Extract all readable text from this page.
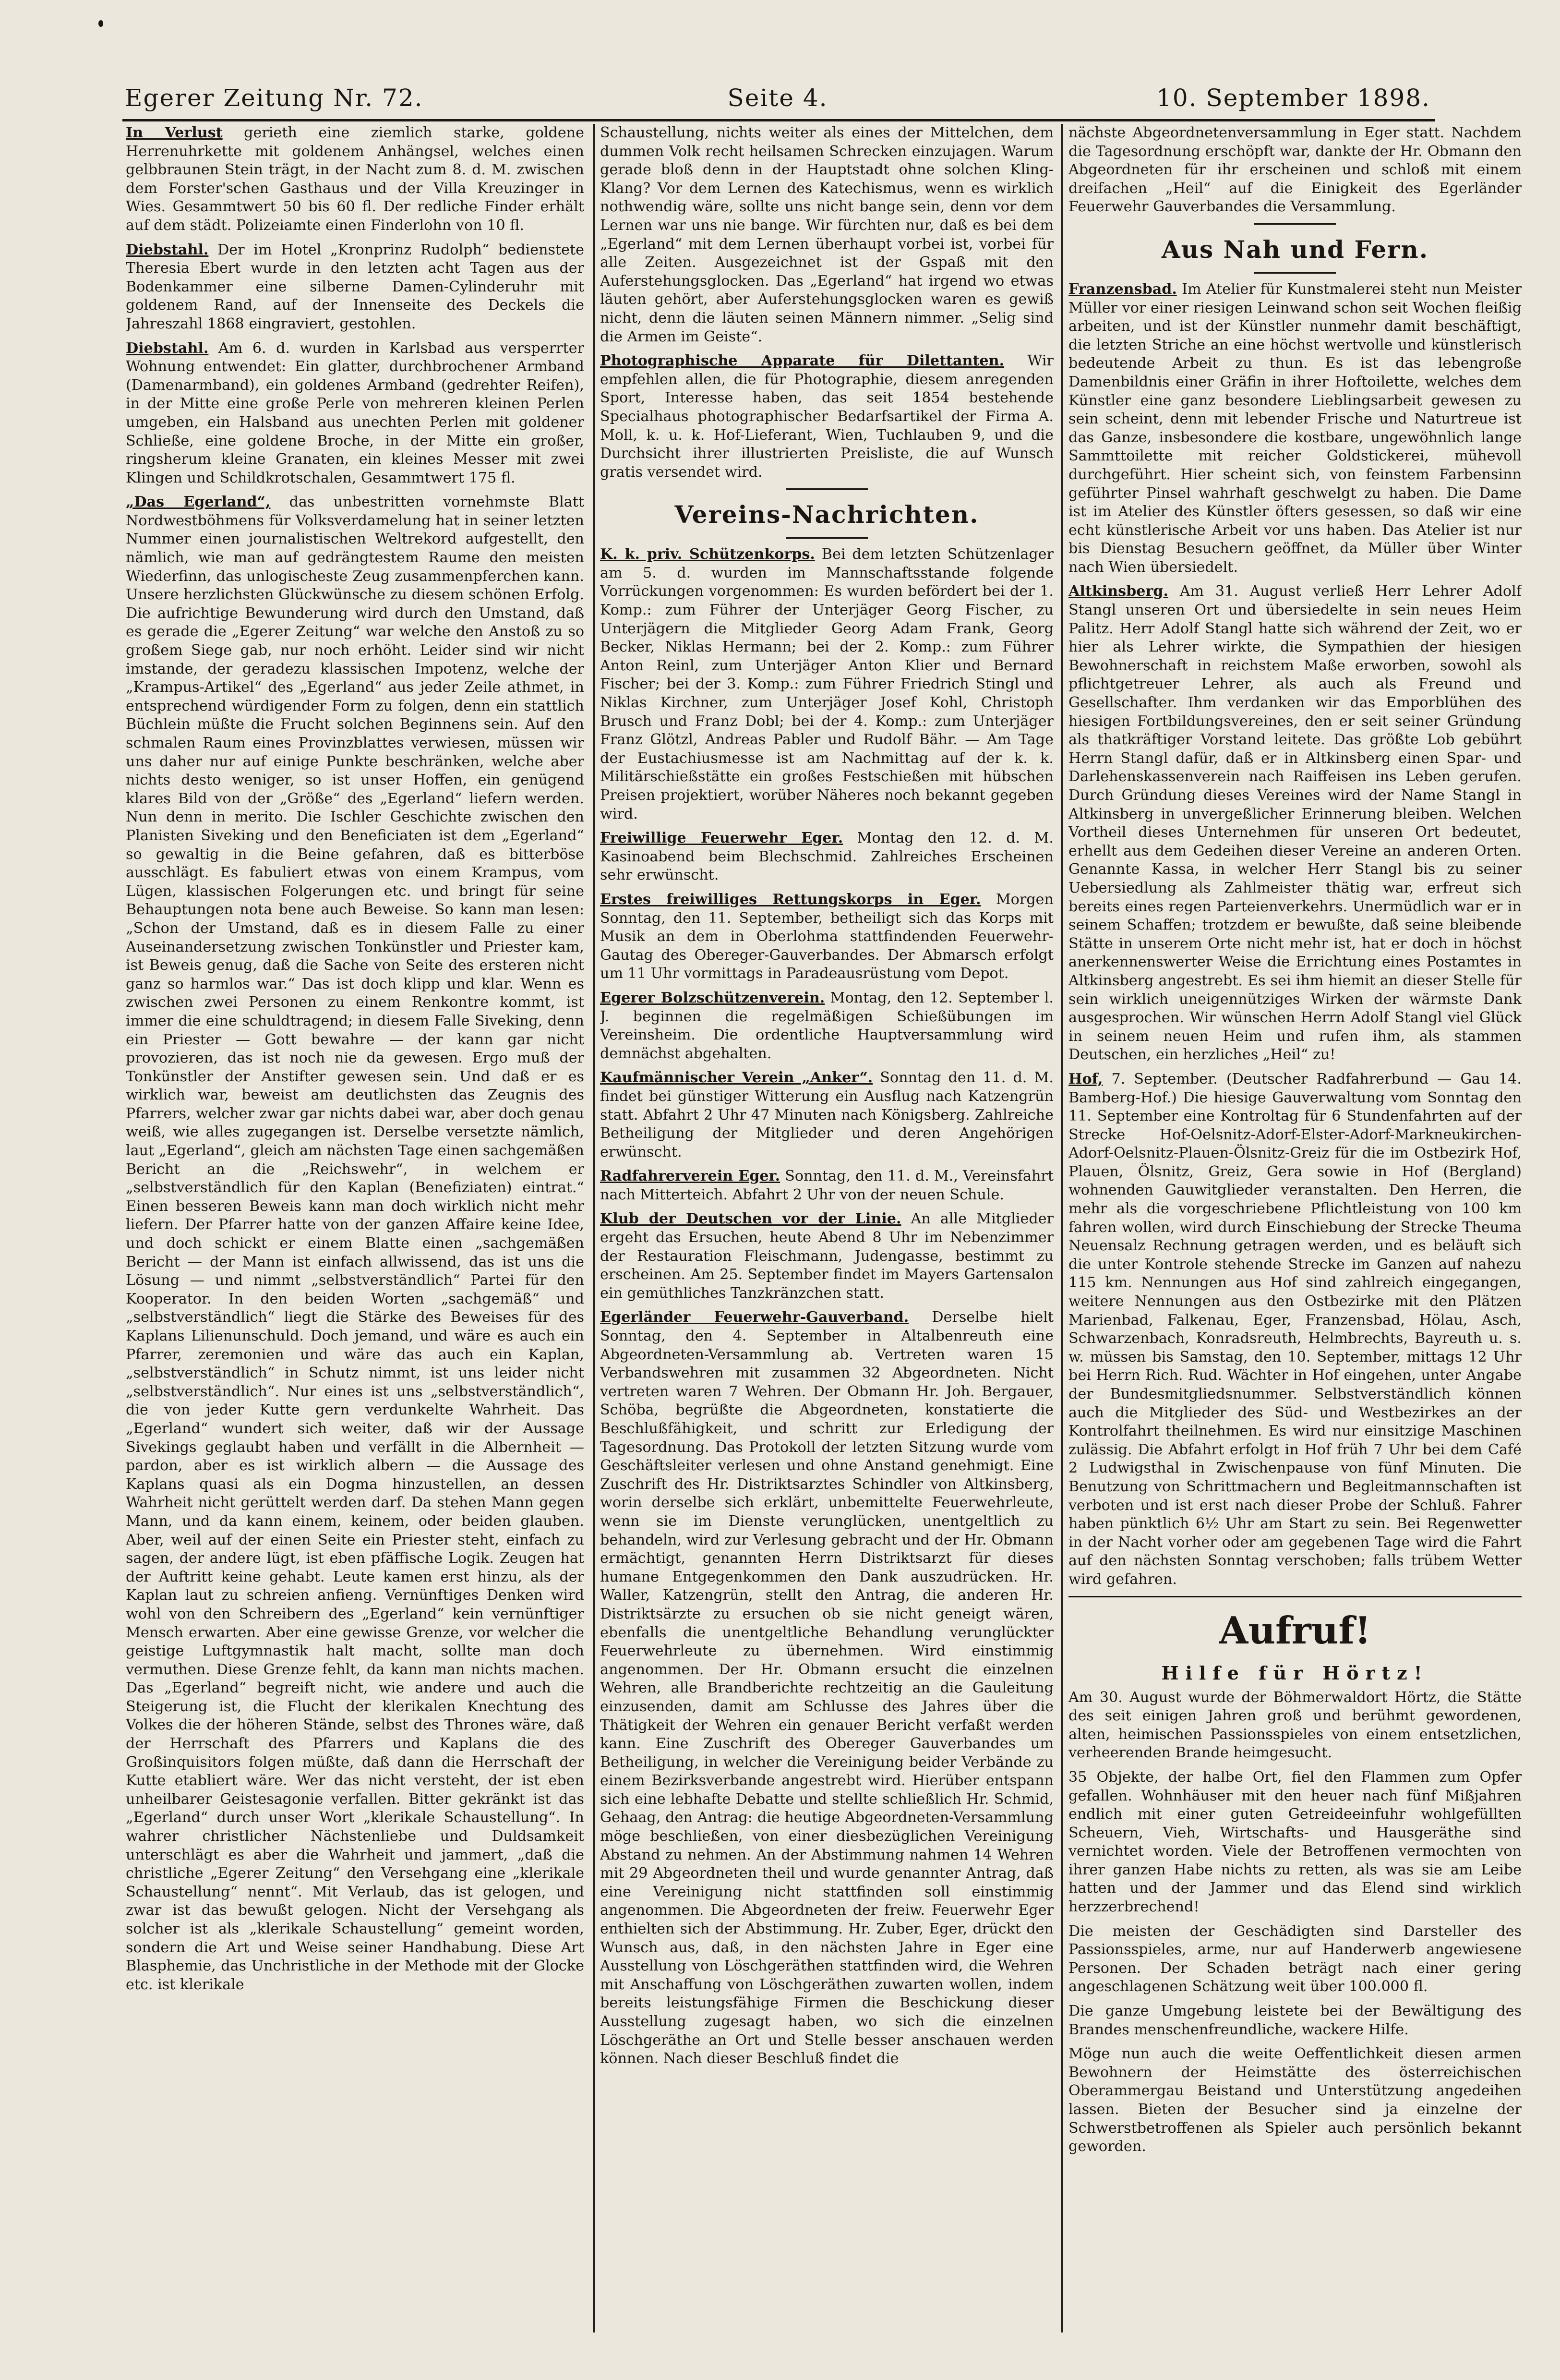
Egerer Zeitung Nr. 72.	Seite 4.	10. September 1898.

In Verlust gerieth eine ziemlich starke, goldene Herrenuhrkette mit goldenem Anhängsel, welches einen gelbbraunen Stein trägt, in der Nacht zum 8. d. M. zwischen dem Forster'schen Gasthaus und der Villa Kreuzinger in Wies. Gesammtwert 50 bis 60 fl. Der redliche Finder erhält auf dem städt. Polizeiamte einen Finderlohn von 10 fl.

Diebstahl. Der im Hotel „Kronprinz Rudolph“ bedienstete Theresia Ebert wurde in den letzten acht Tagen aus der Bodenkammer eine silberne Damen-Cylinderuhr mit goldenem Rand, auf der Innenseite des Deckels die Jahreszahl 1868 eingraviert, gestohlen.

Diebstahl. Am 6. d. wurden in Karlsbad aus versperrter Wohnung entwendet: Ein glatter, durchbrochener Armband (Damenarmband), ein goldenes Armband (gedrehter Reifen), in der Mitte eine große Perle von mehreren kleinen Perlen umgeben, ein Halsband aus unechten Perlen mit goldener Schließe, eine goldene Broche, in der Mitte ein großer, ringsherum kleine Granaten, ein kleines Messer mit zwei Klingen und Schildkrotschalen, Gesammtwert 175 fl.

„Das Egerland“, das unbestritten vornehmste Blatt Nordwestböhmens für Volksverdamelung hat in seiner letzten Nummer einen journalistischen Weltrekord aufgestellt, den nämlich, wie man auf gedrängtestem Raume den meisten Wiederfinn, das unlogischeste Zeug zusammenpferchen kann. Unsere herzlichsten Glückwünsche zu diesem schönen Erfolg. Die aufrichtige Bewunderung wird durch den Umstand, daß es gerade die „Egerer Zeitung“ war welche den Anstoß zu so großem Siege gab, nur noch erhöht. Leider sind wir nicht imstande, der geradezu klassischen Impotenz, welche der „Krampus-Artikel“ des „Egerland“ aus jeder Zeile athmet, in entsprechend würdigender Form zu folgen, denn ein stattlich Büchlein müßte die Frucht solchen Beginnens sein. Auf den schmalen Raum eines Provinzblattes verwiesen, müssen wir uns daher nur auf einige Punkte beschränken, welche aber nichts desto weniger, so ist unser Hoffen, ein genügend klares Bild von der „Größe“ des „Egerland“ liefern werden. Nun denn in merito. Die Ischler Geschichte zwischen den Planisten Siveking und den Beneficiaten ist dem „Egerland“ so gewaltig in die Beine gefahren, daß es bitterböse ausschlägt. Es fabuliert etwas von einem Krampus, vom Lügen, klassischen Folgerungen etc. und bringt für seine Behauptungen nota bene auch Beweise. So kann man lesen: „Schon der Umstand, daß es in diesem Falle zu einer Auseinandersetzung zwischen Tonkünstler und Priester kam, ist Beweis genug, daß die Sache von Seite des ersteren nicht ganz so harmlos war.“ Das ist doch klipp und klar. Wenn es zwischen zwei Personen zu einem Renkontre kommt, ist immer die eine schuldtragend; in diesem Falle Siveking, denn ein Priester — Gott bewahre — der kann gar nicht provozieren, das ist noch nie da gewesen. Ergo muß der Tonkünstler der Anstifter gewesen sein. Und daß er es wirklich war, beweist am deutlichsten das Zeugnis des Pfarrers, welcher zwar gar nichts dabei war, aber doch genau weiß, wie alles zugegangen ist. Derselbe versetzte nämlich, laut „Egerland“, gleich am nächsten Tage einen sachgemäßen Bericht an die „Reichswehr“, in welchem er „selbstverständlich für den Kaplan (Benefiziaten) eintrat.“ Einen besseren Beweis kann man doch wirklich nicht mehr liefern. Der Pfarrer hatte von der ganzen Affaire keine Idee, und doch schickt er einem Blatte einen „sachgemäßen Bericht — der Mann ist einfach allwissend, das ist uns die Lösung — und nimmt „selbstverständlich“ Partei für den Kooperator. In den beiden Worten „sachgemäß“ und „selbstverständlich“ liegt die Stärke des Beweises für des Kaplans Lilienunschuld. Doch jemand, und wäre es auch ein Pfarrer, zeremonien und wäre das auch ein Kaplan, „selbstverständlich“ in Schutz nimmt, ist uns leider nicht „selbstverständlich“. Nur eines ist uns „selbstverständlich“, die von jeder Kutte gern verdunkelte Wahrheit. Das „Egerland“ wundert sich weiter, daß wir der Aussage Sivekings geglaubt haben und verfällt in die Albernheit — pardon, aber es ist wirklich albern — die Aussage des Kaplans quasi als ein Dogma hinzustellen, an dessen Wahrheit nicht gerüttelt werden darf. Da stehen Mann gegen Mann, und da kann einem, keinem, oder beiden glauben. Aber, weil auf der einen Seite ein Priester steht, einfach zu sagen, der andere lügt, ist eben pfäffische Logik. Zeugen hat der Auftritt keine gehabt. Leute kamen erst hinzu, als der Kaplan laut zu schreien anfieng. Vernünftiges Denken wird wohl von den Schreibern des „Egerland“ kein vernünftiger Mensch erwarten. Aber eine gewisse Grenze, vor welcher die geistige Luftgymnastik halt macht, sollte man doch vermuthen. Diese Grenze fehlt, da kann man nichts machen. Das „Egerland“ begreift nicht, wie andere und auch die Steigerung ist, die Flucht der klerikalen Knechtung des Volkes die der höheren Stände, selbst des Thrones wäre, daß der Herrschaft des Pfarrers und Kaplans die des Großinquisitors folgen müßte, daß dann die Herrschaft der Kutte etabliert wäre. Wer das nicht versteht, der ist eben unheilbarer Geistesagonie verfallen. Bitter gekränkt ist das „Egerland“ durch unser Wort „klerikale Schaustellung“. In wahrer christlicher Nächstenliebe und Duldsamkeit unterschlägt es aber die Wahrheit und jammert, „daß die christliche „Egerer Zeitung“ den Versehgang eine „klerikale Schaustellung“ nennt“. Mit Verlaub, das ist gelogen, und zwar ist das bewußt gelogen. Nicht der Versehgang als solcher ist als „klerikale Schaustellung“ gemeint worden, sondern die Art und Weise seiner Handhabung. Diese Art Blasphemie, das Unchristliche in der Methode mit der Glocke etc. ist klerikale

Schaustellung, nichts weiter als eines der Mittelchen, dem dummen Volk recht heilsamen Schrecken einzujagen. Warum gerade bloß denn in der Hauptstadt ohne solchen Kling-Klang? Vor dem Lernen des Katechismus, wenn es wirklich nothwendig wäre, sollte uns nicht bange sein, denn vor dem Lernen war uns nie bange. Wir fürchten nur, daß es bei dem „Egerland“ mit dem Lernen überhaupt vorbei ist, vorbei für alle Zeiten. Ausgezeichnet ist der Gspaß mit den Auferstehungsglocken. Das „Egerland“ hat irgend wo etwas läuten gehört, aber Auferstehungsglocken waren es gewiß nicht, denn die läuten seinen Männern nimmer. „Selig sind die Armen im Geiste“.

Photographische Apparate für Dilettanten. Wir empfehlen allen, die für Photographie, diesem anregenden Sport, Interesse haben, das seit 1854 bestehende Specialhaus photographischer Bedarfsartikel der Firma A. Moll, k. u. k. Hof-Lieferant, Wien, Tuchlauben 9, und die Durchsicht ihrer illustrierten Preisliste, die auf Wunsch gratis versendet wird.

Vereins-Nachrichten.

K. k. priv. Schützenkorps. Bei dem letzten Schützenlager am 5. d. wurden im Mannschaftsstande folgende Vorrückungen vorgenommen: Es wurden befördert bei der 1. Komp.: zum Führer der Unterjäger Georg Fischer, zu Unterjägern die Mitglieder Georg Adam Frank, Georg Becker, Niklas Hermann; bei der 2. Komp.: zum Führer Anton Reinl, zum Unterjäger Anton Klier und Bernard Fischer; bei der 3. Komp.: zum Führer Friedrich Stingl und Niklas Kirchner, zum Unterjäger Josef Kohl, Christoph Brusch und Franz Dobl; bei der 4. Komp.: zum Unterjäger Franz Glötzl, Andreas Pabler und Rudolf Bähr. — Am Tage der Eustachiusmesse ist am Nachmittag auf der k. k. Militärschießstätte ein großes Festschießen mit hübschen Preisen projektiert, worüber Näheres noch bekannt gegeben wird.

Freiwillige Feuerwehr Eger. Montag den 12. d. M. Kasinoabend beim Blechschmid. Zahlreiches Erscheinen sehr erwünscht.

Erstes freiwilliges Rettungskorps in Eger. Morgen Sonntag, den 11. September, betheiligt sich das Korps mit Musik an dem in Oberlohma stattfindenden Feuerwehr-Gautag des Obereger-Gauverbandes. Der Abmarsch erfolgt um 11 Uhr vormittags in Paradeausrüstung vom Depot.

Egerer Bolzschützenverein. Montag, den 12. September l. J. beginnen die regelmäßigen Schießübungen im Vereinsheim. Die ordentliche Hauptversammlung wird demnächst abgehalten.

Kaufmännischer Verein „Anker“. Sonntag den 11. d. M. findet bei günstiger Witterung ein Ausflug nach Katzengrün statt. Abfahrt 2 Uhr 47 Minuten nach Königsberg. Zahlreiche Betheiligung der Mitglieder und deren Angehörigen erwünscht.

Radfahrerverein Eger. Sonntag, den 11. d. M., Vereinsfahrt nach Mitterteich. Abfahrt 2 Uhr von der neuen Schule.

Klub der Deutschen vor der Linie. An alle Mitglieder ergeht das Ersuchen, heute Abend 8 Uhr im Nebenzimmer der Restauration Fleischmann, Judengasse, bestimmt zu erscheinen. Am 25. September findet im Mayers Gartensalon ein gemüthliches Tanzkränzchen statt.

Egerländer Feuerwehr-Gauverband. Derselbe hielt Sonntag, den 4. September in Altalbenreuth eine Abgeordneten-Versammlung ab. Vertreten waren 15 Verbandswehren mit zusammen 32 Abgeordneten. Nicht vertreten waren 7 Wehren. Der Obmann Hr. Joh. Bergauer, Schöba, begrüßte die Abgeordneten, konstatierte die Beschlußfähigkeit, und schritt zur Erledigung der Tagesordnung. Das Protokoll der letzten Sitzung wurde vom Geschäftsleiter verlesen und ohne Anstand genehmigt. Eine Zuschrift des Hr. Distriktsarztes Schindler von Altkinsberg, worin derselbe sich erklärt, unbemittelte Feuerwehrleute, wenn sie im Dienste verunglücken, unentgeltlich zu behandeln, wird zur Verlesung gebracht und der Hr. Obmann ermächtigt, genannten Herrn Distriktsarzt für dieses humane Entgegenkommen den Dank auszudrücken. Hr. Waller, Katzengrün, stellt den Antrag, die anderen Hr. Distriktsärzte zu ersuchen ob sie nicht geneigt wären, ebenfalls die unentgeltliche Behandlung verunglückter Feuerwehrleute zu übernehmen. Wird einstimmig angenommen. Der Hr. Obmann ersucht die einzelnen Wehren, alle Brandberichte rechtzeitig an die Gauleitung einzusenden, damit am Schlusse des Jahres über die Thätigkeit der Wehren ein genauer Bericht verfaßt werden kann. Eine Zuschrift des Obereger Gauverbandes um Betheiligung, in welcher die Vereinigung beider Verbände zu einem Bezirksverbande angestrebt wird. Hierüber entspann sich eine lebhafte Debatte und stellte schließlich Hr. Schmid, Gehaag, den Antrag: die heutige Abgeordneten-Versammlung möge beschließen, von einer diesbezüglichen Vereinigung Abstand zu nehmen. An der Abstimmung nahmen 14 Wehren mit 29 Abgeordneten theil und wurde genannter Antrag, daß eine Vereinigung nicht stattfinden soll einstimmig angenommen. Die Abgeordneten der freiw. Feuerwehr Eger enthielten sich der Abstimmung. Hr. Zuber, Eger, drückt den Wunsch aus, daß, in den nächsten Jahre in Eger eine Ausstellung von Löschgeräthen stattfinden wird, die Wehren mit Anschaffung von Löschgeräthen zuwarten wollen, indem bereits leistungsfähige Firmen die Beschickung dieser Ausstellung zugesagt haben, wo sich die einzelnen Löschgeräthe an Ort und Stelle besser anschauen werden können. Nach dieser Beschluß findet die

nächste Abgeordnetenversammlung in Eger statt. Nachdem die Tagesordnung erschöpft war, dankte der Hr. Obmann den Abgeordneten für ihr erscheinen und schloß mit einem dreifachen „Heil“ auf die Einigkeit des Egerländer Feuerwehr Gauverbandes die Versammlung.

Aus Nah und Fern.

Franzensbad. Im Atelier für Kunstmalerei steht nun Meister Müller vor einer riesigen Leinwand schon seit Wochen fleißig arbeiten, und ist der Künstler nunmehr damit beschäftigt, die letzten Striche an eine höchst wertvolle und künstlerisch bedeutende Arbeit zu thun. Es ist das lebengroße Damenbildnis einer Gräfin in ihrer Hoftoilette, welches dem Künstler eine ganz besondere Lieblingsarbeit gewesen zu sein scheint, denn mit lebender Frische und Naturtreue ist das Ganze, insbesondere die kostbare, ungewöhnlich lange Sammttoilette mit reicher Goldstickerei, mühevoll durchgeführt. Hier scheint sich, von feinstem Farbensinn geführter Pinsel wahrhaft geschwelgt zu haben. Die Dame ist im Atelier des Künstler öfters gesessen, so daß wir eine echt künstlerische Arbeit vor uns haben. Das Atelier ist nur bis Dienstag Besuchern geöffnet, da Müller über Winter nach Wien übersiedelt.

Altkinsberg. Am 31. August verließ Herr Lehrer Adolf Stangl unseren Ort und übersiedelte in sein neues Heim Palitz. Herr Adolf Stangl hatte sich während der Zeit, wo er hier als Lehrer wirkte, die Sympathien der hiesigen Bewohnerschaft in reichstem Maße erworben, sowohl als pflichtgetreuer Lehrer, als auch als Freund und Gesellschafter. Ihm verdanken wir das Emporblühen des hiesigen Fortbildungsvereines, den er seit seiner Gründung als thatkräftiger Vorstand leitete. Das größte Lob gebührt Herrn Stangl dafür, daß er in Altkinsberg einen Spar- und Darlehenskassenverein nach Raiffeisen ins Leben gerufen. Durch Gründung dieses Vereines wird der Name Stangl in Altkinsberg in unvergeßlicher Erinnerung bleiben. Welchen Vortheil dieses Unternehmen für unseren Ort bedeutet, erhellt aus dem Gedeihen dieser Vereine an anderen Orten. Genannte Kassa, in welcher Herr Stangl bis zu seiner Uebersiedlung als Zahlmeister thätig war, erfreut sich bereits eines regen Parteienverkehrs. Unermüdlich war er in seinem Schaffen; trotzdem er bewußte, daß seine bleibende Stätte in unserem Orte nicht mehr ist, hat er doch in höchst anerkennenswerter Weise die Errichtung eines Postamtes in Altkinsberg angestrebt. Es sei ihm hiemit an dieser Stelle für sein wirklich uneigennütziges Wirken der wärmste Dank ausgesprochen. Wir wünschen Herrn Adolf Stangl viel Glück in seinem neuen Heim und rufen ihm, als stammen Deutschen, ein herzliches „Heil“ zu!

Hof, 7. September. (Deutscher Radfahrerbund — Gau 14. Bamberg-Hof.) Die hiesige Gauverwaltung vom Sonntag den 11. September eine Kontroltag für 6 Stundenfahrten auf der Strecke Hof-Oelsnitz-Adorf-Elster-Adorf-Markneukirchen-Adorf-Oelsnitz-Plauen-Ölsnitz-Greiz für die im Ostbezirk Hof, Plauen, Ölsnitz, Greiz, Gera sowie in Hof (Bergland) wohnenden Gauwitglieder veranstalten. Den Herren, die mehr als die vorgeschriebene Pflichtleistung von 100 km fahren wollen, wird durch Einschiebung der Strecke Theuma Neuensalz Rechnung getragen werden, und es beläuft sich die unter Kontrole stehende Strecke im Ganzen auf nahezu 115 km. Nennungen aus Hof sind zahlreich eingegangen, weitere Nennungen aus den Ostbezirke mit den Plätzen Marienbad, Falkenau, Eger, Franzensbad, Hölau, Asch, Schwarzenbach, Konradsreuth, Helmbrechts, Bayreuth u. s. w. müssen bis Samstag, den 10. September, mittags 12 Uhr bei Herrn Rich. Rud. Wächter in Hof eingehen, unter Angabe der Bundesmitgliedsnummer. Selbstverständlich können auch die Mitglieder des Süd- und Westbezirkes an der Kontrolfahrt theilnehmen. Es wird nur einsitzige Maschinen zulässig. Die Abfahrt erfolgt in Hof früh 7 Uhr bei dem Café 2 Ludwigsthal in Zwischenpause von fünf Minuten. Die Benutzung von Schrittmachern und Begleitmannschaften ist verboten und ist erst nach dieser Probe der Schluß. Fahrer haben pünktlich 6½ Uhr am Start zu sein. Bei Regenwetter in der Nacht vorher oder am gegebenen Tage wird die Fahrt auf den nächsten Sonntag verschoben; falls trübem Wetter wird gefahren.

Aufruf!
Hilfe für Hörtz!

Am 30. August wurde der Böhmerwaldort Hörtz, die Stätte des seit einigen Jahren groß und berühmt gewordenen, alten, heimischen Passionsspieles von einem entsetzlichen, verheerenden Brande heimgesucht.

35 Objekte, der halbe Ort, fiel den Flammen zum Opfer gefallen. Wohnhäuser mit den heuer nach fünf Mißjahren endlich mit einer guten Getreideeinfuhr wohlgefüllten Scheuern, Vieh, Wirtschafts- und Hausgeräthe sind vernichtet worden. Viele der Betroffenen vermochten von ihrer ganzen Habe nichts zu retten, als was sie am Leibe hatten und der Jammer und das Elend sind wirklich herzzerbrechend!

Die meisten der Geschädigten sind Darsteller des Passionsspieles, arme, nur auf Handerwerb angewiesene Personen. Der Schaden beträgt nach einer gering angeschlagenen Schätzung weit über 100.000 fl.

Die ganze Umgebung leistete bei der Bewältigung des Brandes menschenfreundliche, wackere Hilfe.

Möge nun auch die weite Oeffentlichkeit diesen armen Bewohnern der Heimstätte des österreichischen Oberammergau Beistand und Unterstützung angedeihen lassen. Bieten der Besucher sind ja einzelne der Schwerstbetroffenen als Spieler auch persönlich bekannt geworden.
